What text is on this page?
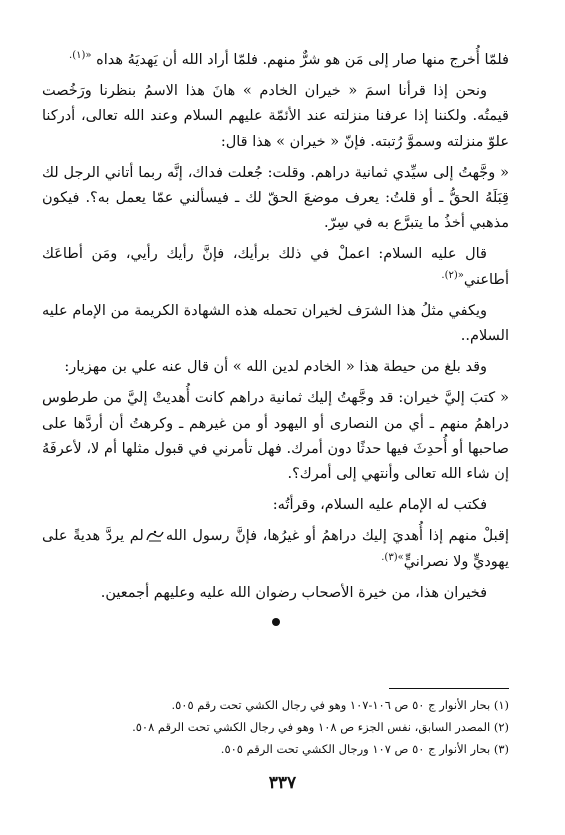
فلمّا أُخرج منها صار إلى مَن هو شرٌّ منهم. فلمّا أراد الله أن يَهديَهُ هداه $^{«(١).}$

ونحن إذا قرأنا اسمَ « خيران الخادم » هانَ هذا الاسمُ بنظرنا ورَخُصت قيمتُه. ولكننا إذا عرفنا منزلته عند الأئمّة عليهم السلام وعند الله تعالى، أدركنا علوّ منزلته وسموَّ رُتبته. فإنّ « خيران » هذا قال:

« وجَّهتُ إلى سيِّدي ثمانية دراهم. وقلت: جُعلت فداك، إنَّه ربما أتاني الرجل لك قِبَلَهُ الحقُّ ـ أو قلتُ: يعرف موضعَ الحقّ لك ـ فيسألني عمّا يعمل به؟. فيكون مذهبي أخذُ ما يتبرَّع به في سِرّ.

قال عليه السلام: اعملْ في ذلك برأيك، فإنَّ رأيك رأيي، ومَن أطاعَك أطاعني$^{«(٢).}$

ويكفي مثلُ هذا الشرَف لخيران تحمله هذه الشهادة الكريمة من الإمام عليه السلام..

وقد بلغ من حيطة هذا « الخادم لدين الله » أن قال عنه علي بن مهزيار:

« كتبَ إليَّ خيران: قد وجَّهتُ إليك ثمانية دراهم كانت أُهديتْ إليَّ من طرطوس دراهمُ منهم ـ أي من النصارى أو اليهود أو من غيرهم ـ وكرهتُ أن أردَّها على صاحبها أو أُحدِثَ فيها حدثًا دون أمرك. فهل تأمرني في قبول مثلها أم لا، لأعرفَهُ إن شاء الله تعالى وأنتهي إلى أمرك؟.

فكتب له الإمام عليه السلام، وقرأتُه:

إقبلْ منهم إذا أُهديَ إليك دراهمُ أو غيرُها، فإنَّ رسول اللهلم يردَّ هديةً على يهوديٍّ ولا نصرانيٍّ$^{»(٣).}$

فخيران هذا، من خيرة الأصحاب رضوان الله عليه وعليهم أجمعين.

(١) بحار الأنوار ج ٥٠ ص ١٠٦-١٠٧ وهو في رجال الكشي تحت رقم ٥٠٥.

(٢) المصدر السابق، نفس الجزء ص ١٠٨ وهو في رجال الكشي تحت الرقم ٥٠٨.

(٣) بحار الأنوار ج ٥٠ ص ١٠٧ ورجال الكشي تحت الرقم ٥٠٥.

٣٣٧
